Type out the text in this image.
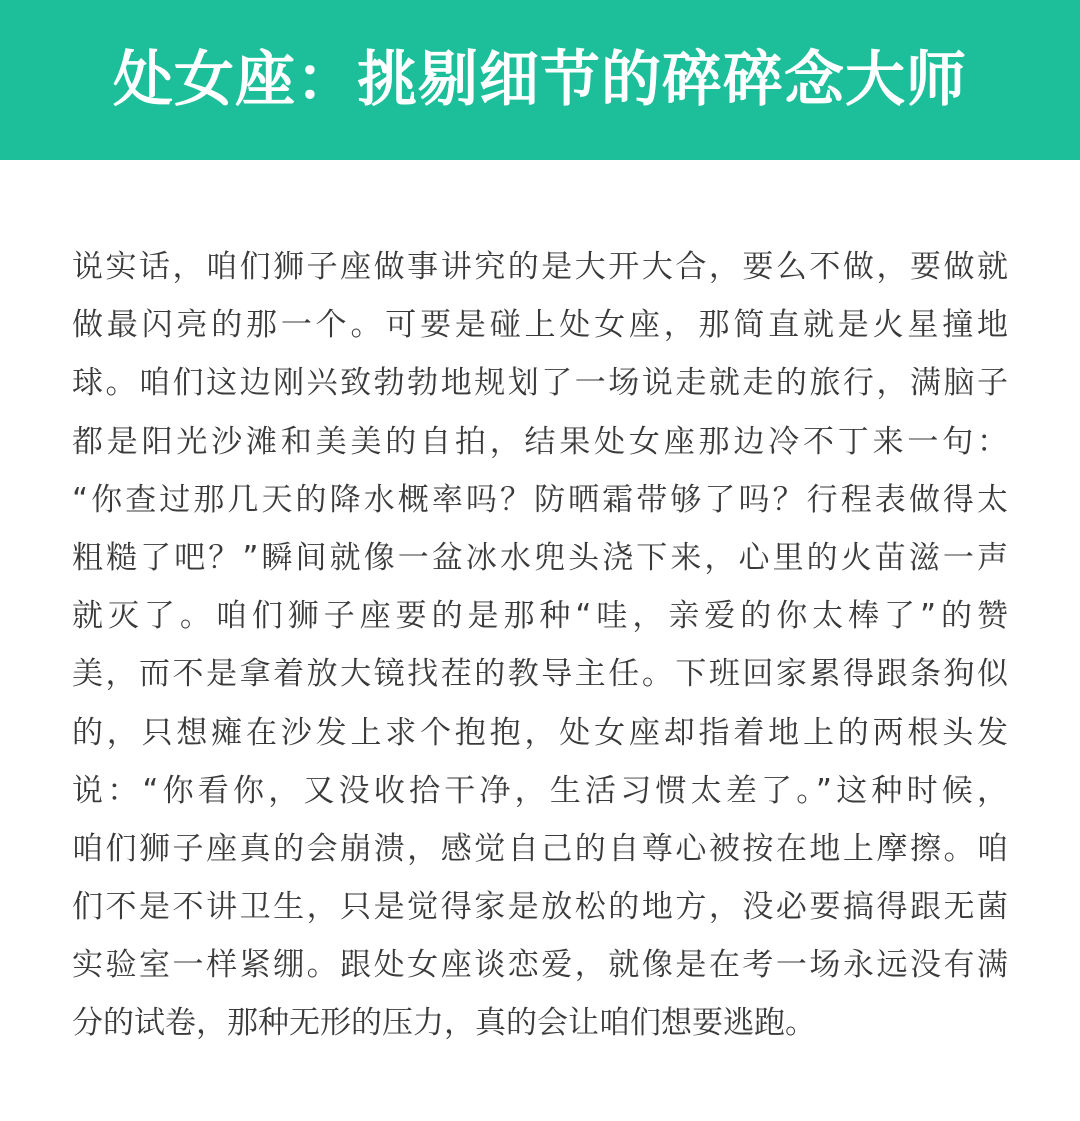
处女座：挑剔细节的碎碎念大师
说实话，咱们狮子座做事讲究的是大开大合，要么不做，要做就
做最闪亮的那一个。可要是碰上处女座，那简直就是火星撞地
球。咱们这边刚兴致勃勃地规划了一场说走就走的旅行，满脑子
都是阳光沙滩和美美的自拍，结果处女座那边冷不丁来一句：
“你查过那几天的降水概率吗？防晒霜带够了吗？行程表做得太
粗糙了吧？”瞬间就像一盆冰水兜头浇下来，心里的火苗滋一声
就灭了。咱们狮子座要的是那种“哇，亲爱的你太棒了”的赞
美，而不是拿着放大镜找茬的教导主任。下班回家累得跟条狗似
的，只想瘫在沙发上求个抱抱，处女座却指着地上的两根头发
说：“你看你，又没收拾干净，生活习惯太差了。”这种时候，
咱们狮子座真的会崩溃，感觉自己的自尊心被按在地上摩擦。咱
们不是不讲卫生，只是觉得家是放松的地方，没必要搞得跟无菌
实验室一样紧绷。跟处女座谈恋爱，就像是在考一场永远没有满
分的试卷，那种无形的压力，真的会让咱们想要逃跑。
